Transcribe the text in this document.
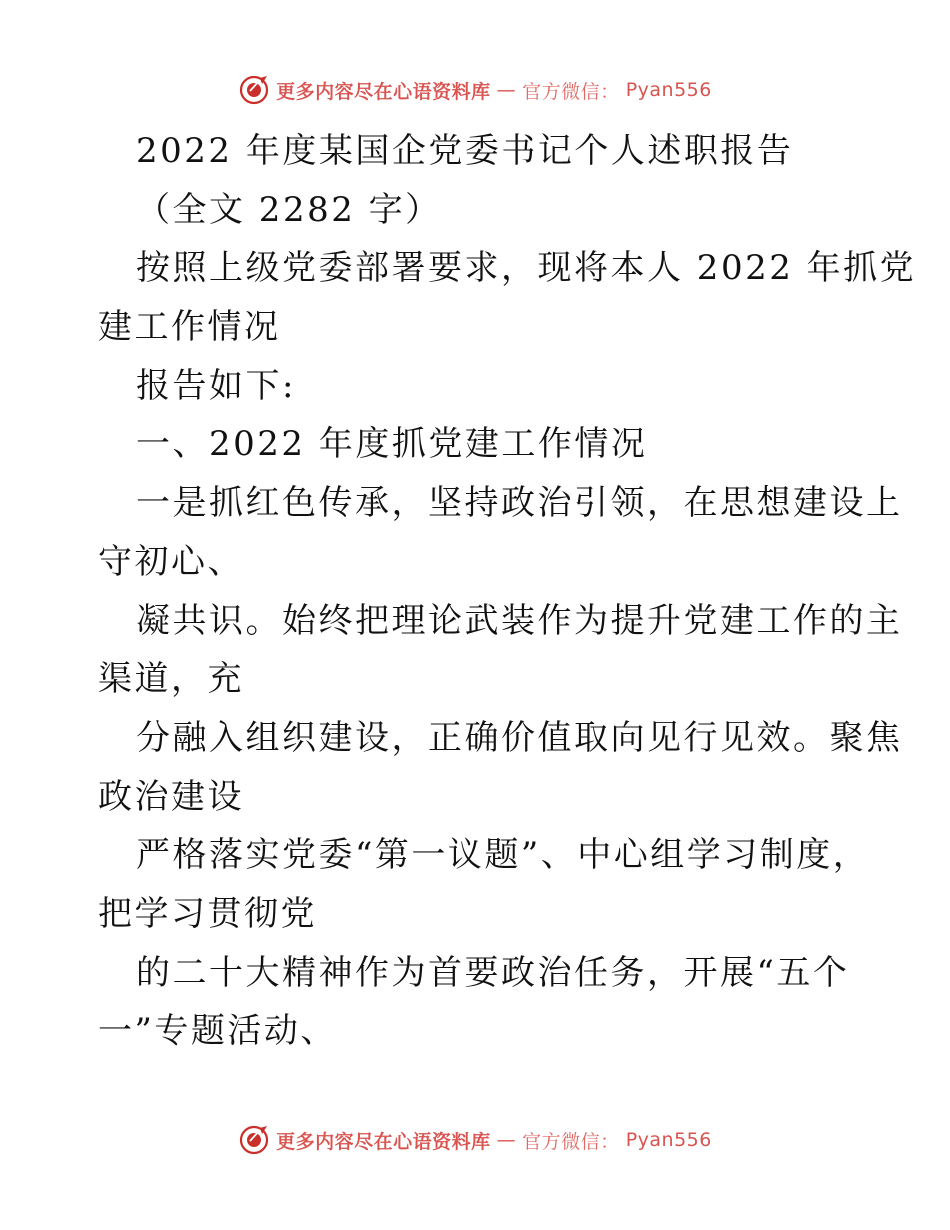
更多内容尽在心语资料库 — 官方微信： Pyan556
2022 年度某国企党委书记个人述职报告
（全文 2282 字）
按照上级党委部署要求，现将本人 2022 年抓党
建工作情况
报告如下:
一、2022 年度抓党建工作情况
一是抓红色传承，坚持政治引领，在思想建设上
守初心、
凝共识。始终把理论武装作为提升党建工作的主
渠道，充
分融入组织建设，正确价值取向见行见效。聚焦
政治建设
严格落实党委“第一议题”、中心组学习制度，
把学习贯彻党
的二十大精神作为首要政治任务，开展“五个
一”专题活动、
更多内容尽在心语资料库 — 官方微信： Pyan556
